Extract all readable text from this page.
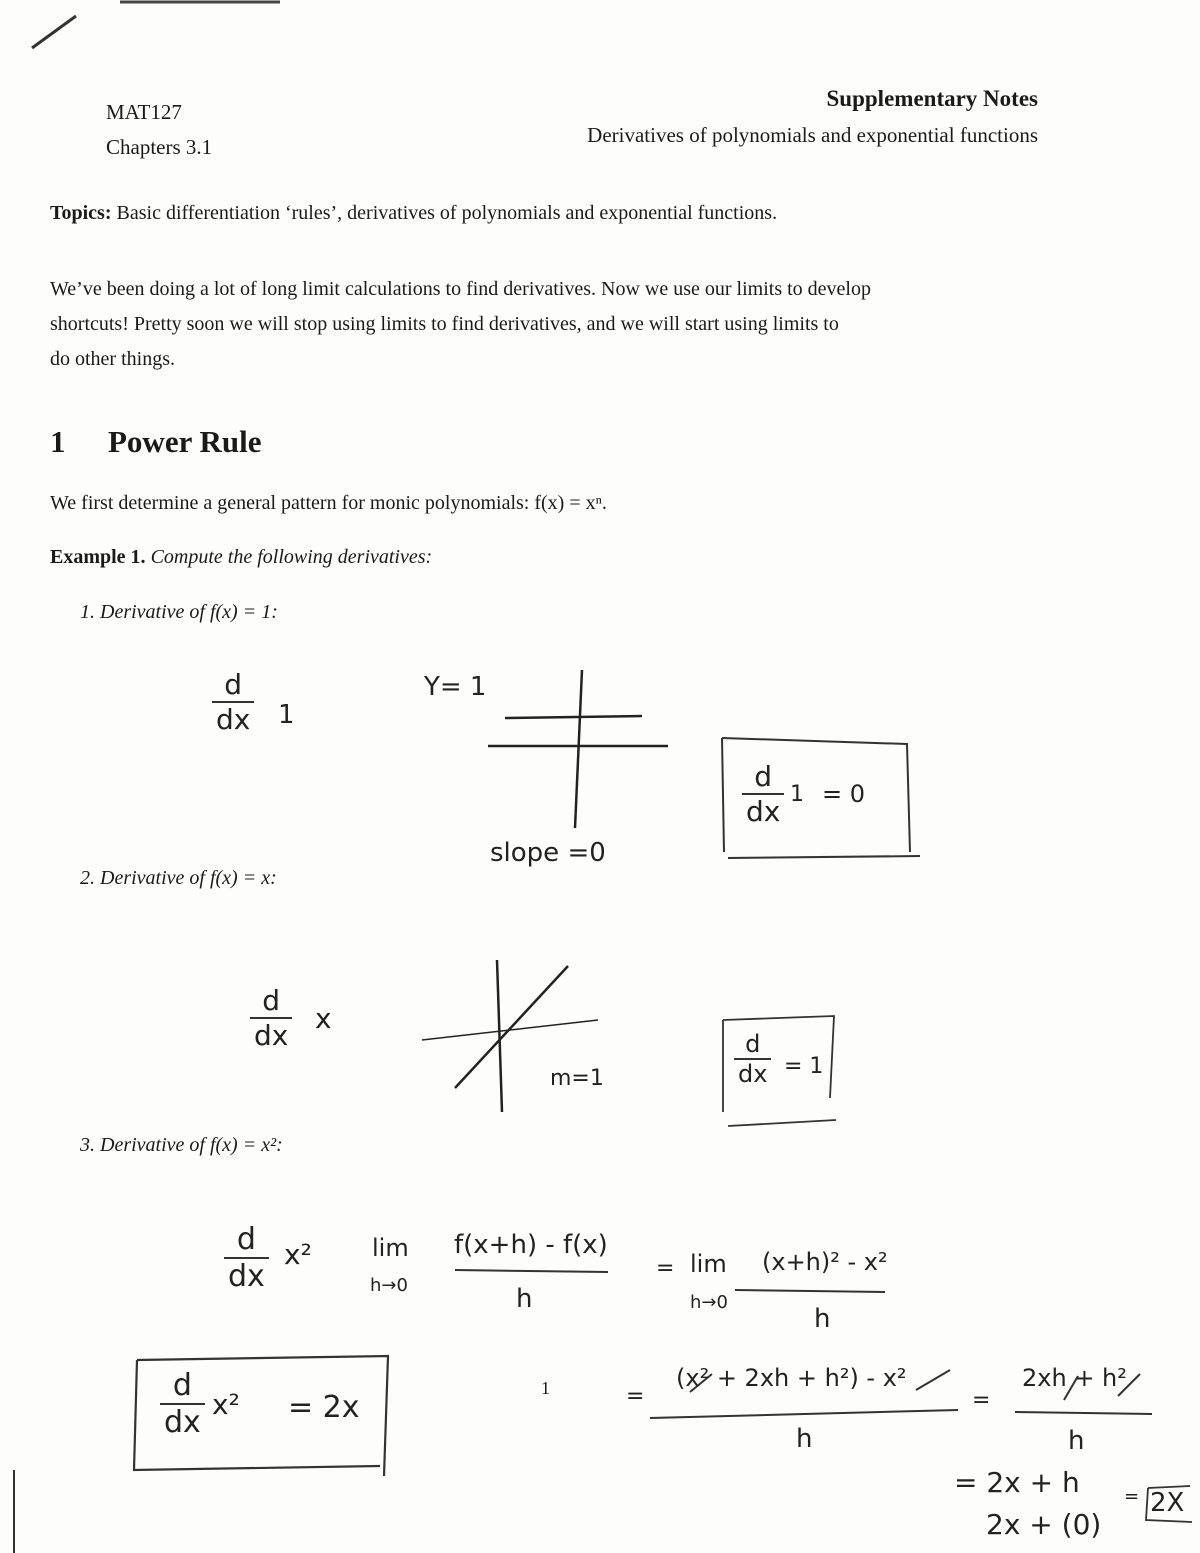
MAT127
Chapters 3.1
Supplementary Notes
Derivatives of polynomials and exponential functions
Topics: Basic differentiation ‘rules’, derivatives of polynomials and exponential functions.
We’ve been doing a lot of long limit calculations to find derivatives. Now we use our limits to develop
shortcuts! Pretty soon we will stop using limits to find derivatives, and we will start using limits to
do other things.
1 Power Rule
We first determine a general pattern for monic polynomials: f(x) = xⁿ.
Example 1. Compute the following derivatives:
1. Derivative of f(x) = 1:
2. Derivative of f(x) = x:
3. Derivative of f(x) = x²:
1
d
dx 1
Y= 1
slope =0
d
dx
1 = 0
d
dx
x
m=1
d
dx = 1
d
dx
x²	lim
h→0
f(x+h) - f(x)
h
= lim
h→0
(x+h)² - x²
h
d
dx
x² = 2x	=
(x² + 2xh + h²) - x²
h
=
2xh + h²
h
= 2x + h
2x + (0)
= 2X
